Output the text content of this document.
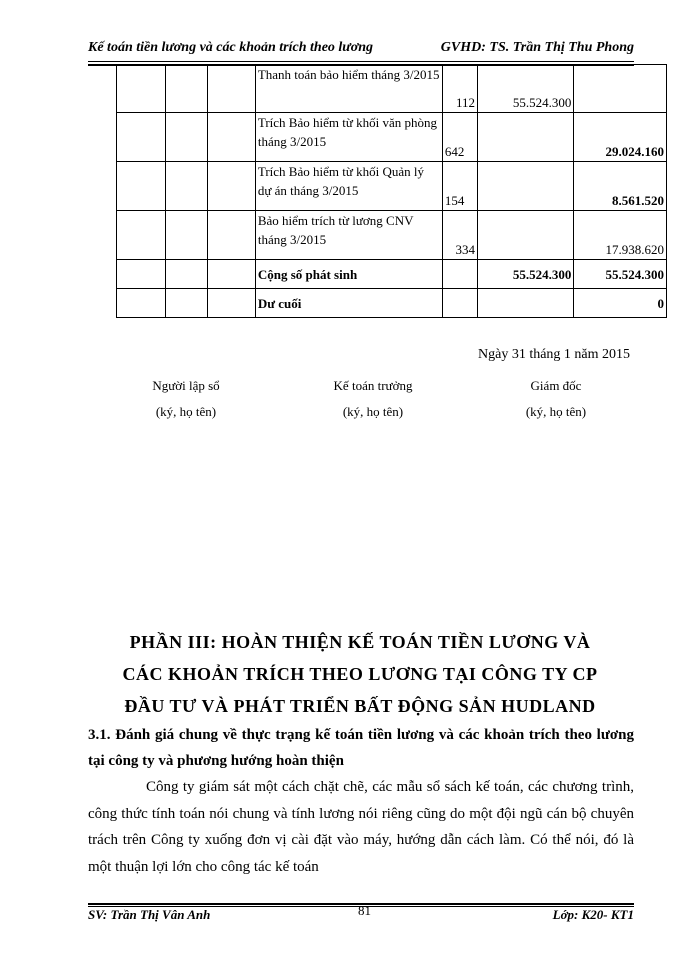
Kế toán tiền lương và các khoản trích theo lương	GVHD: TS. Trần Thị Thu Phong
			Thanh toán bảo hiểm tháng 3/2015	112	55.524.300	
			Trích Bảo hiểm từ khối văn phòng tháng 3/2015	642		29.024.160
			Trích Bảo hiểm từ khối Quản lý dự án tháng 3/2015	154		8.561.520
			Bảo hiểm trích từ lương CNV tháng 3/2015	334		17.938.620
			Cộng số phát sinh		55.524.300	55.524.300
			Dư cuối			0
Ngày 31 tháng 1 năm 2015
Người lập sổ
(ký, họ tên)
Kế toán trưởng
(ký, họ tên)
Giám đốc
(ký, họ tên)
PHẦN III: HOÀN THIỆN KẾ TOÁN TIỀN LƯƠNG VÀ
CÁC KHOẢN TRÍCH THEO LƯƠNG TẠI CÔNG TY CP
ĐẦU TƯ VÀ PHÁT TRIỂN BẤT ĐỘNG SẢN HUDLAND
3.1. Đánh giá chung về thực trạng kế toán tiền lương và các khoản trích theo lương tại công ty và phương hướng hoàn thiện
Công ty giám sát một cách chặt chẽ, các mẫu sổ sách kế toán, các chương trình, công thức tính toán nói chung và tính lương nói riêng cũng do một đội ngũ cán bộ chuyên trách trên Công ty xuống đơn vị cài đặt vào máy, hướng dẫn cách làm. Có thể nói, đó là một thuận lợi lớn cho công tác kế toán
SV: Trần Thị Vân Anh	81	Lớp: K20- KT1
